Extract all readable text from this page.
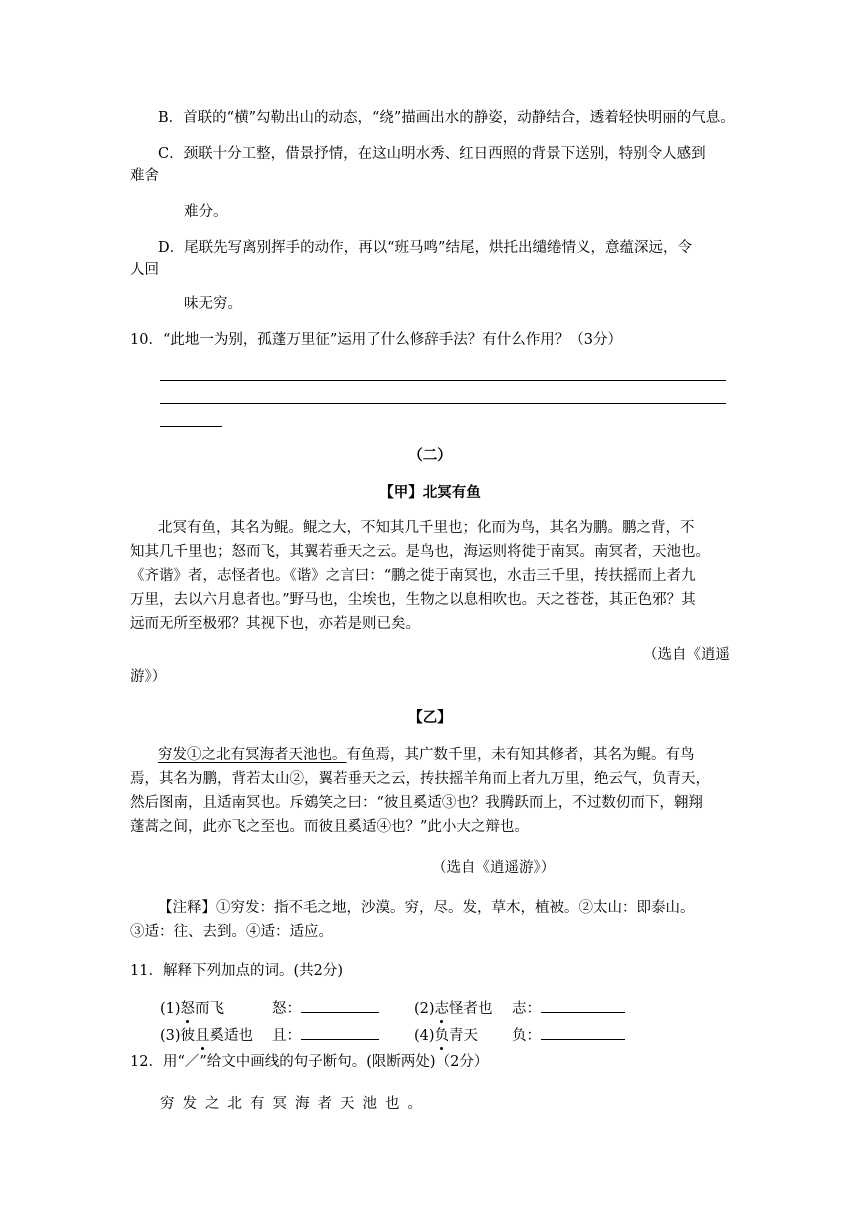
B．首联的“横”勾勒出山的动态，“绕”描画出水的静姿，动静结合，透着轻快明丽的气息。
C．颈联十分工整，借景抒情，在这山明水秀、红日西照的背景下送别，特别令人感到
难舍
难分。
D．尾联先写离别挥手的动作，再以“班马鸣”结尾，烘托出缱绻情义，意蕴深远，令
人回
味无穷。
10．“此地一为别，孤蓬万里征”运用了什么修辞手法？有什么作用？（3分）
（二）
【甲】北冥有鱼
北冥有鱼，其名为鲲。鲲之大，不知其几千里也；化而为鸟，其名为鹏。鹏之背，不
知其几千里也；怒而飞，其翼若垂天之云。是鸟也，海运则将徙于南冥。南冥者，天池也。
《齐谐》者，志怪者也。《谐》之言曰：“鹏之徙于南冥也，水击三千里，抟扶摇而上者九
万里，去以六月息者也。”野马也，尘埃也，生物之以息相吹也。天之苍苍，其正色邪？其
远而无所至极邪？其视下也，亦若是则已矣。
（选自《逍遥
游》）
【乙】
穷发①之北有冥海者天池也。有鱼焉，其广数千里，未有知其修者，其名为鲲。有鸟
焉，其名为鹏，背若太山②，翼若垂天之云，抟扶摇羊角而上者九万里，绝云气，负青天，
然后图南，且适南冥也。斥鴳笑之曰：“彼且奚适③也？我腾跃而上，不过数仞而下，翱翔
蓬蒿之间，此亦飞之至也。而彼且奚适④也？”此小大之辩也。
（选自《逍遥游》）
【注释】①穷发：指不毛之地，沙漠。穷，尽。发，草木，植被。②太山：即泰山。
③适：往、去到。④适：适应。
11．解释下列加点的词。(共2分)
(1)怒而飞	怒：	(2)志怪者也 志：
(3)彼且奚适也 且：	(4)负青天 负：
12．用“／”给文中画线的句子断句。(限断两处)（2分）
穷发之北有冥海者天池也。
